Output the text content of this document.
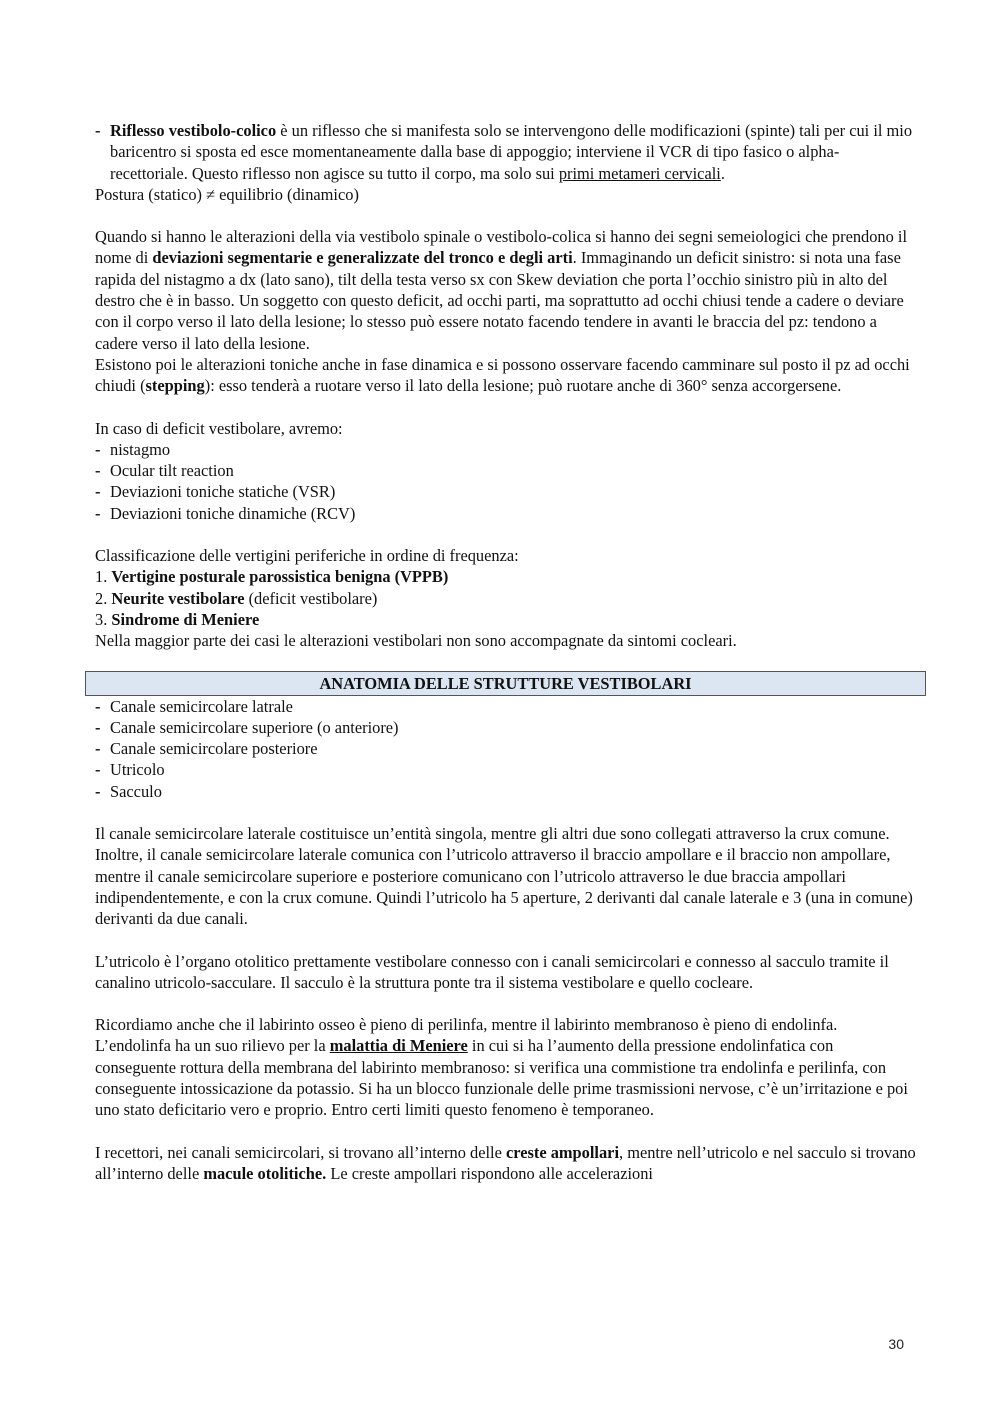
- Riflesso vestibolo-colico è un riflesso che si manifesta solo se intervengono delle modificazioni (spinte) tali per cui il mio baricentro si sposta ed esce momentaneamente dalla base di appoggio; interviene il VCR di tipo fasico o alpha-recettoriale. Questo riflesso non agisce su tutto il corpo, ma solo sui primi metameri cervicali.

Postura (statico) ≠ equilibrio (dinamico)

Quando si hanno le alterazioni della via vestibolo spinale o vestibolo-colica si hanno dei segni semeiologici che prendono il nome di deviazioni segmentarie e generalizzate del tronco e degli arti. Immaginando un deficit sinistro: si nota una fase rapida del nistagmo a dx (lato sano), tilt della testa verso sx con Skew deviation che porta l’occhio sinistro più in alto del destro che è in basso. Un soggetto con questo deficit, ad occhi parti, ma soprattutto ad occhi chiusi tende a cadere o deviare con il corpo verso il lato della lesione; lo stesso può essere notato facendo tendere in avanti le braccia del pz: tendono a cadere verso il lato della lesione.

Esistono poi le alterazioni toniche anche in fase dinamica e si possono osservare facendo camminare sul posto il pz ad occhi chiudi (stepping): esso tenderà a ruotare verso il lato della lesione; può ruotare anche di 360° senza accorgersene.

In caso di deficit vestibolare, avremo:

- nistagmo
- Ocular tilt reaction
- Deviazioni toniche statiche (VSR)
- Deviazioni toniche dinamiche (RCV)

Classificazione delle vertigini periferiche in ordine di frequenza:

1. Vertigine posturale parossistica benigna (VPPB)
2. Neurite vestibolare (deficit vestibolare)
3. Sindrome di Meniere

Nella maggior parte dei casi le alterazioni vestibolari non sono accompagnate da sintomi cocleari.

ANATOMIA DELLE STRUTTURE VESTIBOLARI
- Canale semicircolare latrale
- Canale semicircolare superiore (o anteriore)
- Canale semicircolare posteriore
- Utricolo
- Sacculo

Il canale semicircolare laterale costituisce un’entità singola, mentre gli altri due sono collegati attraverso la crux comune. Inoltre, il canale semicircolare laterale comunica con l’utricolo attraverso il braccio ampollare e il braccio non ampollare, mentre il canale semicircolare superiore e posteriore comunicano con l’utricolo attraverso le due braccia ampollari indipendentemente, e con la crux comune. Quindi l’utricolo ha 5 aperture, 2 derivanti dal canale laterale e 3 (una in comune) derivanti da due canali.

L’utricolo è l’organo otolitico prettamente vestibolare connesso con i canali semicircolari e connesso al sacculo tramite il canalino utricolo-sacculare. Il sacculo è la struttura ponte tra il sistema vestibolare e quello cocleare.

Ricordiamo anche che il labirinto osseo è pieno di perilinfa, mentre il labirinto membranoso è pieno di endolinfa. L’endolinfa ha un suo rilievo per la malattia di Meniere in cui si ha l’aumento della pressione endolinfatica con conseguente rottura della membrana del labirinto membranoso: si verifica una commistione tra endolinfa e perilinfa, con conseguente intossicazione da potassio. Si ha un blocco funzionale delle prime trasmissioni nervose, c’è un’irritazione e poi uno stato deficitario vero e proprio. Entro certi limiti questo fenomeno è temporaneo.

I recettori, nei canali semicircolari, si trovano all’interno delle creste ampollari, mentre nell’utricolo e nel sacculo si trovano all’interno delle macule otolitiche. Le creste ampollari rispondono alle accelerazioni

30
